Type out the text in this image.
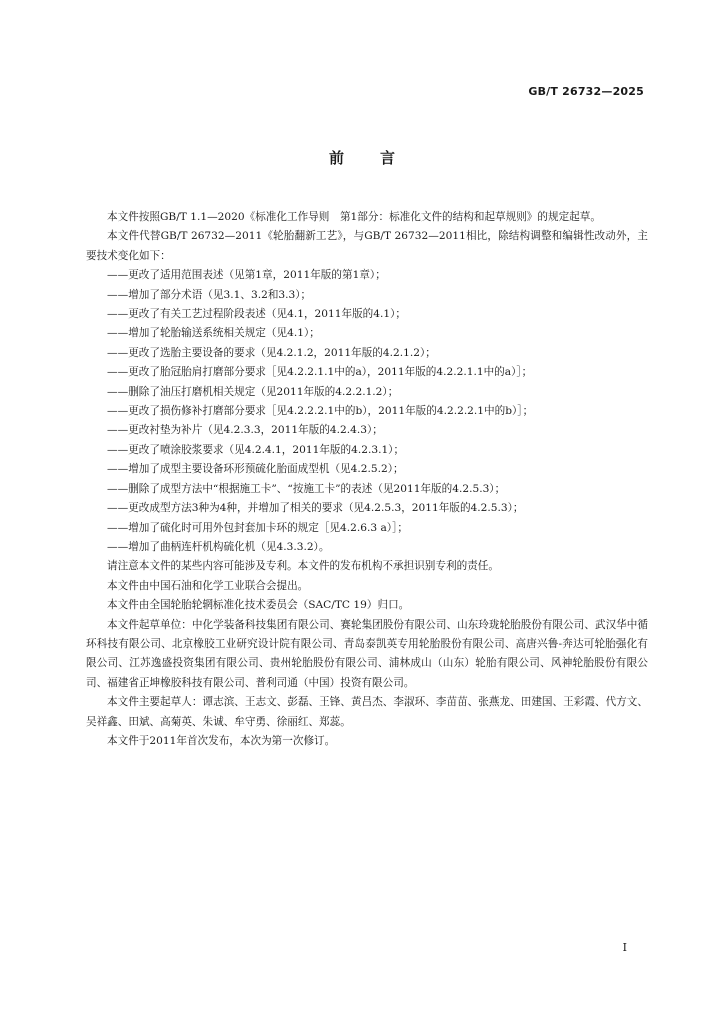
GB/T 26732—2025
前言

本文件按照GB/T 1.1—2020《标准化工作导则　第1部分：标准化文件的结构和起草规则》的规定起草。

本文件代替GB/T 26732—2011《轮胎翻新工艺》，与GB/T 26732—2011相比，除结构调整和编辑性改动外，主要技术变化如下：

——更改了适用范围表述（见第1章，2011年版的第1章）；
——增加了部分术语（见3.1、3.2和3.3）；
——更改了有关工艺过程阶段表述（见4.1，2011年版的4.1）；
——增加了轮胎输送系统相关规定（见4.1）；
——更改了选胎主要设备的要求（见4.2.1.2，2011年版的4.2.1.2）；
——更改了胎冠胎肩打磨部分要求［见4.2.2.1.1中的a），2011年版的4.2.2.1.1中的a）］；
——删除了油压打磨机相关规定（见2011年版的4.2.2.1.2）；
——更改了损伤修补打磨部分要求［见4.2.2.2.1中的b），2011年版的4.2.2.2.1中的b）］；
——更改衬垫为补片（见4.2.3.3，2011年版的4.2.4.3）；
——更改了喷涂胶浆要求（见4.2.4.1，2011年版的4.2.3.1）；
——增加了成型主要设备环形预硫化胎面成型机（见4.2.5.2）；
——删除了成型方法中“根据施工卡”、“按施工卡”的表述（见2011年版的4.2.5.3）；
——更改成型方法3种为4种，并增加了相关的要求（见4.2.5.3，2011年版的4.2.5.3）；
——增加了硫化时可用外包封套加卡环的规定［见4.2.6.3 a）］；
——增加了曲柄连杆机构硫化机（见4.3.3.2）。

请注意本文件的某些内容可能涉及专利。本文件的发布机构不承担识别专利的责任。

本文件由中国石油和化学工业联合会提出。

本文件由全国轮胎轮辋标准化技术委员会（SAC/TC 19）归口。

本文件起草单位：中化学装备科技集团有限公司、赛轮集团股份有限公司、山东玲珑轮胎股份有限公司、武汉华中循环科技有限公司、北京橡胶工业研究设计院有限公司、青岛泰凯英专用轮胎股份有限公司、高唐兴鲁-奔达可轮胎强化有限公司、江苏逸盛投资集团有限公司、贵州轮胎股份有限公司、浦林成山（山东）轮胎有限公司、风神轮胎股份有限公司、福建省正坤橡胶科技有限公司、普利司通（中国）投资有限公司。

本文件主要起草人：谭志滨、王志文、彭磊、王锋、黄吕杰、李淑环、李苗苗、张燕龙、田建国、王彩霞、代方文、吴祥鑫、田斌、高菊英、朱诚、牟守勇、徐丽红、郑蕊。

本文件于2011年首次发布，本次为第一次修订。

I
